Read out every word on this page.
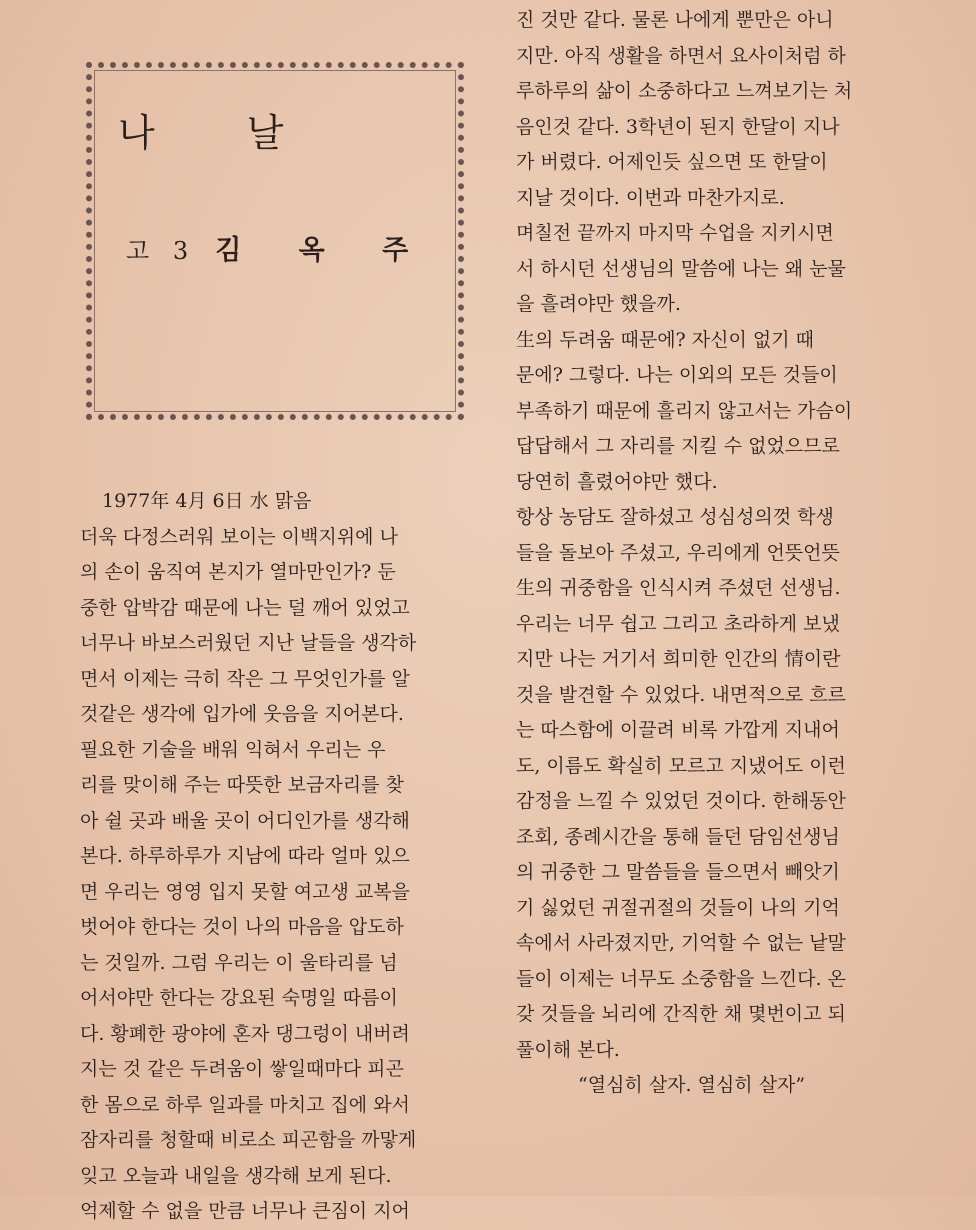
나 날
고 3 김 옥 주

1977年 4月 6日 水 맑음

더욱 다정스러워 보이는 이백지위에 나

의 손이 움직여 본지가 열마만인가? 둔

중한 압박감 때문에 나는 덜 깨어 있었고

너무나 바보스러웠던 지난 날들을 생각하

면서 이제는 극히 작은 그 무엇인가를 알

것같은 생각에 입가에 웃음을 지어본다.

필요한 기술을 배워 익혀서 우리는 우

리를 맞이해 주는 따뜻한 보금자리를 찾

아 쉴 곳과 배울 곳이 어디인가를 생각해

본다. 하루하루가 지남에 따라 얼마 있으

면 우리는 영영 입지 못할 여고생 교복을

벗어야 한다는 것이 나의 마음을 압도하

는 것일까. 그럼 우리는 이 울타리를 넘

어서야만 한다는 강요된 숙명일 따름이

다. 황폐한 광야에 혼자 댕그렁이 내버려

지는 것 같은 두려움이 쌓일때마다 피곤

한 몸으로 하루 일과를 마치고 집에 와서

잠자리를 청할때 비로소 피곤함을 까맣게

잊고 오늘과 내일을 생각해 보게 된다.

억제할 수 없을 만큼 너무나 큰짐이 지어

진 것만 같다. 물론 나에게 뿐만은 아니

지만. 아직 생활을 하면서 요사이처럼 하

루하루의 삶이 소중하다고 느껴보기는 처

음인것 같다. 3학년이 된지 한달이 지나

가 버렸다. 어제인듯 싶으면 또 한달이

지날 것이다. 이번과 마찬가지로.

며칠전 끝까지 마지막 수업을 지키시면

서 하시던 선생님의 말씀에 나는 왜 눈물

을 흘려야만 했을까.

生의 두려움 때문에? 자신이 없기 때

문에? 그렇다. 나는 이외의 모든 것들이

부족하기 때문에 흘리지 않고서는 가슴이

답답해서 그 자리를 지킬 수 없었으므로

당연히 흘렸어야만 했다.

항상 농담도 잘하셨고 성심성의껏 학생

들을 돌보아 주셨고, 우리에게 언뜻언뜻

生의 귀중함을 인식시켜 주셨던 선생님.

우리는 너무 쉽고 그리고 초라하게 보냈

지만 나는 거기서 희미한 인간의 情이란

것을 발견할 수 있었다. 내면적으로 흐르

는 따스함에 이끌려 비록 가깝게 지내어

도, 이름도 확실히 모르고 지냈어도 이런

감정을 느낄 수 있었던 것이다. 한해동안

조회, 종례시간을 통해 들던 담임선생님

의 귀중한 그 말씀들을 들으면서 빼앗기

기 싫었던 귀절귀절의 것들이 나의 기억

속에서 사라졌지만, 기억할 수 없는 낱말

들이 이제는 너무도 소중함을 느낀다. 온

갖 것들을 뇌리에 간직한 채 몇번이고 되

풀이해 본다.

“열심히 살자. 열심히 살자”
